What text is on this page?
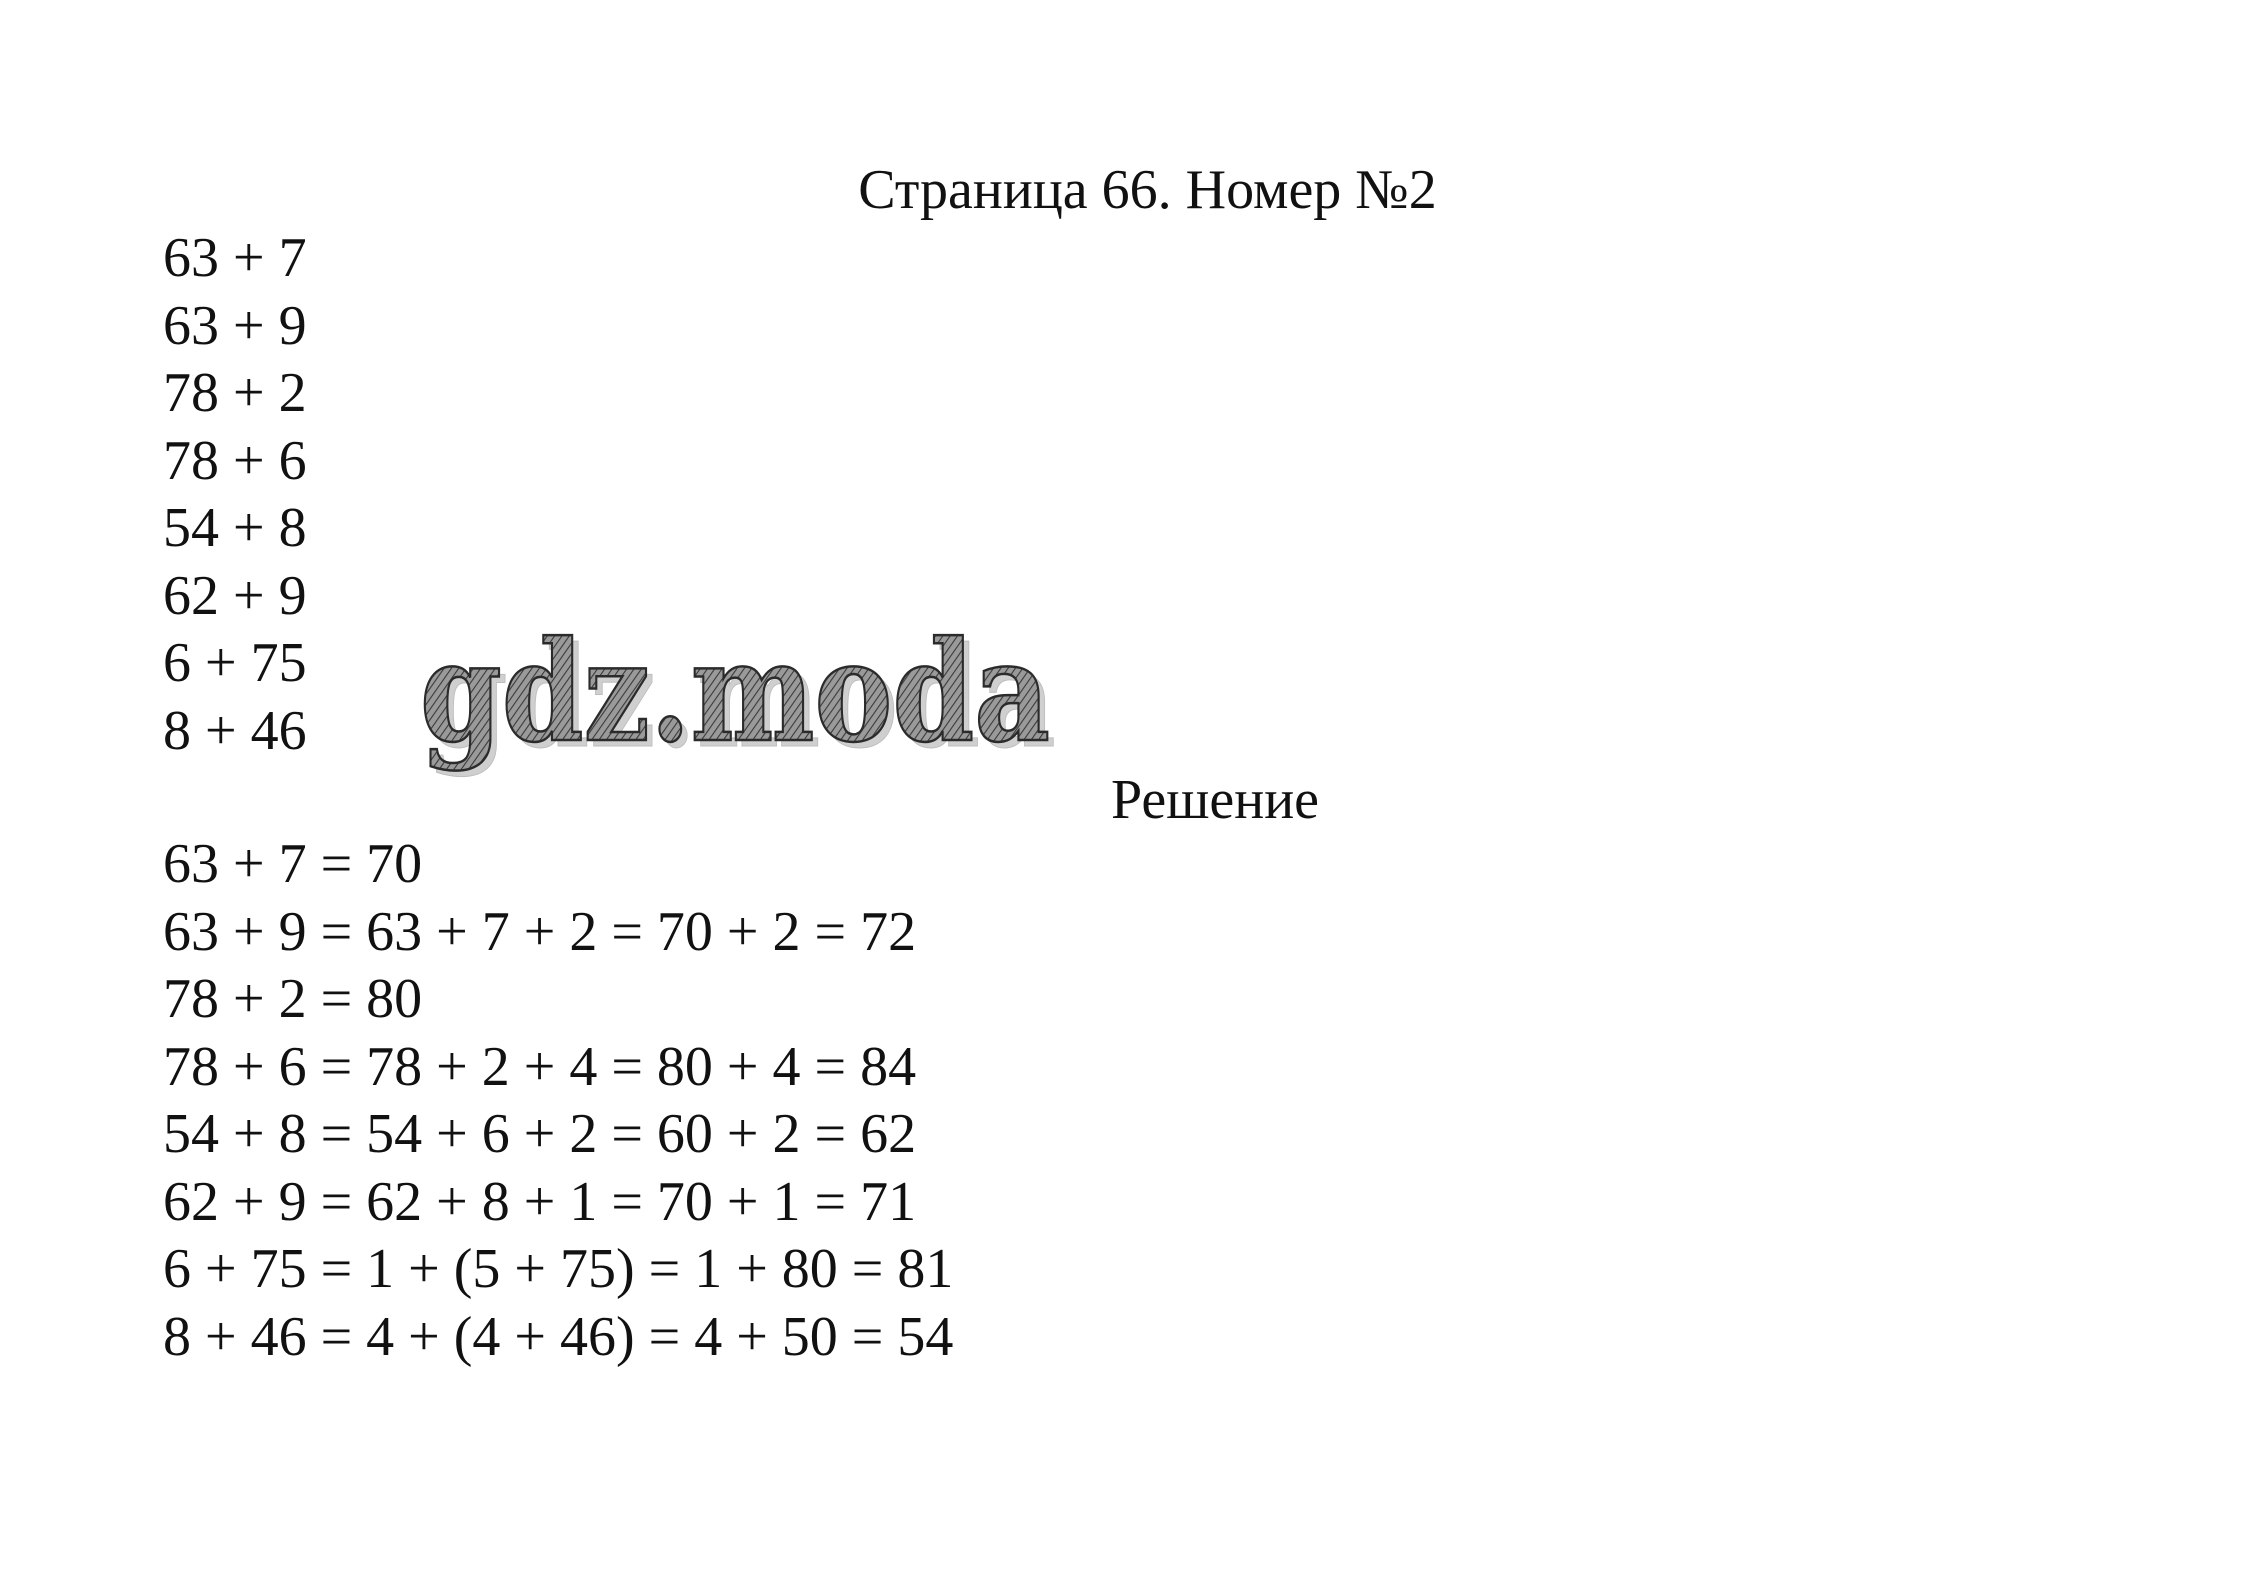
Страница 66. Номер №2
63 + 7
63 + 9
78 + 2
78 + 6
54 + 8
62 + 9
6 + 75
8 + 46 gdz.moda
gdz.moda
Решение
63 + 7 = 70
63 + 9 = 63 + 7 + 2 = 70 + 2 = 72
78 + 2 = 80
78 + 6 = 78 + 2 + 4 = 80 + 4 = 84
54 + 8 = 54 + 6 + 2 = 60 + 2 = 62
62 + 9 = 62 + 8 + 1 = 70 + 1 = 71
6 + 75 = 1 + (5 + 75) = 1 + 80 = 81
8 + 46 = 4 + (4 + 46) = 4 + 50 = 54
